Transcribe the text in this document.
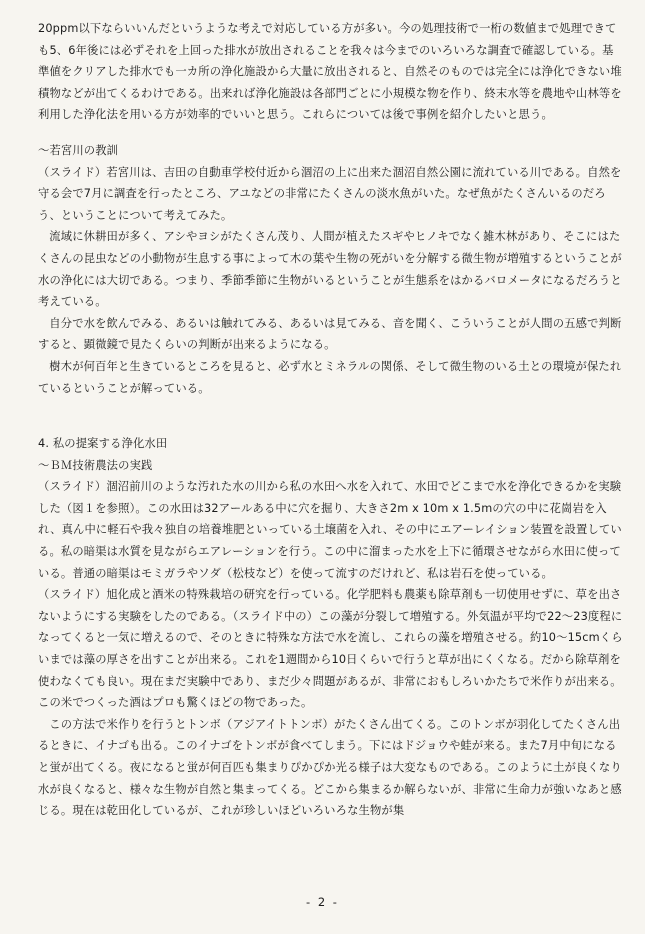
20ppm以下ならいいんだというような考えで対応している方が多い。今の処理技術で一桁の数値まで処理できても5、6年後には必ずそれを上回った排水が放出されることを我々は今までのいろいろな調査で確認している。基準値をクリアした排水でも一カ所の浄化施設から大量に放出されると、自然そのものでは完全には浄化できない堆積物などが出てくるわけである。出来れば浄化施設は各部門ごとに小規模な物を作り、終末水等を農地や山林等を利用した浄化法を用いる方が効率的でいいと思う。これらについては後で事例を紹介したいと思う。

～若宮川の教訓

（スライド）若宮川は、吉田の自動車学校付近から涸沼の上に出来た涸沼自然公園に流れている川である。自然を守る会で7月に調査を行ったところ、アユなどの非常にたくさんの淡水魚がいた。なぜ魚がたくさんいるのだろう、ということについて考えてみた。

流域に休耕田が多く、アシやヨシがたくさん茂り、人間が植えたスギやヒノキでなく雑木林があり、そこにはたくさんの昆虫などの小動物が生息する事によって木の葉や生物の死がいを分解する微生物が増殖するということが水の浄化には大切である。つまり、季節季節に生物がいるということが生態系をはかるバロメータになるだろうと考えている。

自分で水を飲んでみる、あるいは触れてみる、あるいは見てみる、音を聞く、こういうことが人間の五感で判断すると、顕微鏡で見たくらいの判断が出来るようになる。

樹木が何百年と生きているところを見ると、必ず水とミネラルの関係、そして微生物のいる土との環境が保たれているということが解っている。

4. 私の提案する浄化水田

～ＢＭ技術農法の実践

（スライド）涸沼前川のような汚れた水の川から私の水田へ水を入れて、水田でどこまで水を浄化できるかを実験した（図１を参照）。この水田は32アールある中に穴を掘り、大きさ2m x 10m x 1.5mの穴の中に花崗岩を入れ、真ん中に軽石や我々独自の培養堆肥といっている土壌菌を入れ、その中にエアーレイション装置を設置している。私の暗渠は水質を見ながらエアレーションを行う。この中に溜まった水を上下に循環させながら水田に使っている。普通の暗渠はモミガラやソダ（松枝など）を使って流すのだけれど、私は岩石を使っている。

（スライド）旭化成と酒米の特殊栽培の研究を行っている。化学肥料も農薬も除草剤も一切使用せずに、草を出さないようにする実験をしたのである。（スライド中の）この藻が分裂して増殖する。外気温が平均で22～23度程になってくると一気に増えるので、そのときに特殊な方法で水を流し、これらの藻を増殖させる。約10～15cmくらいまでは藻の厚さを出すことが出来る。これを1週間から10日くらいで行うと草が出にくくなる。だから除草剤を使わなくても良い。現在まだ実験中であり、まだ少々問題があるが、非常におもしろいかたちで米作りが出来る。この米でつくった酒はプロも驚くほどの物であった。

この方法で米作りを行うとトンボ（アジアイトトンボ）がたくさん出てくる。このトンボが羽化してたくさん出るときに、イナゴも出る。このイナゴをトンボが食べてしまう。下にはドジョウや蛙が来る。また7月中旬になると蛍が出てくる。夜になると蛍が何百匹も集まりぴかぴか光る様子は大変なものである。このように土が良くなり水が良くなると、様々な生物が自然と集まってくる。どこから集まるか解らないが、非常に生命力が強いなあと感じる。現在は乾田化しているが、これが珍しいほどいろいろな生物が集

- 2 -
